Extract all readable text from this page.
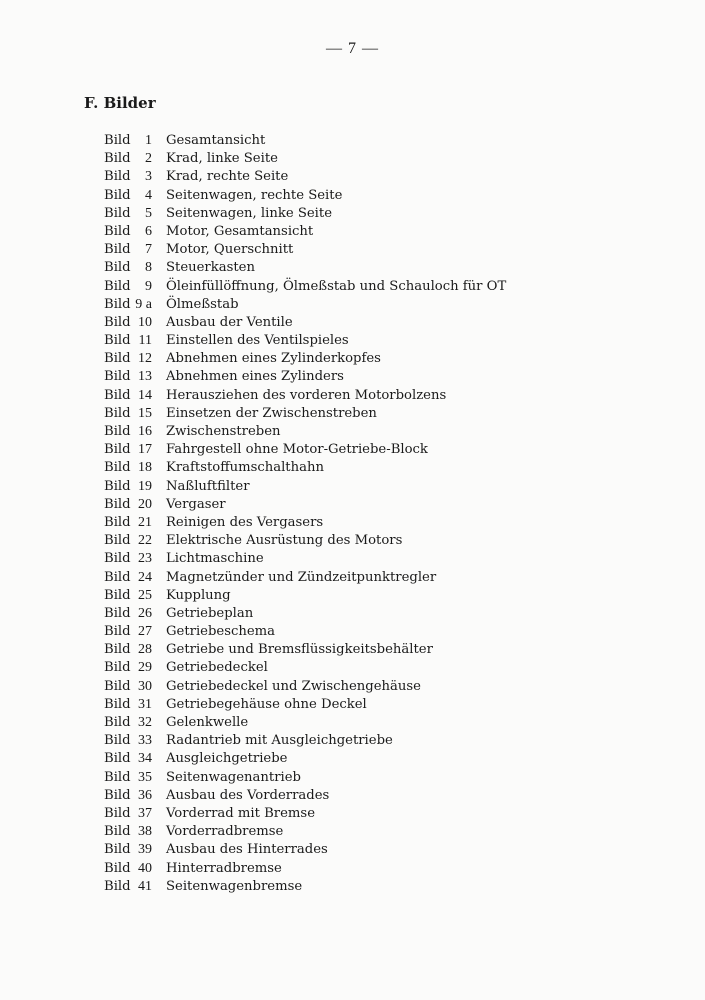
— 7 —
F. Bilder
Bild	1 Gesamtansicht
Bild	2 Krad, linke Seite
Bild	3 Krad, rechte Seite
Bild	4 Seitenwagen, rechte Seite
Bild	5 Seitenwagen, linke Seite
Bild	6 Motor, Gesamtansicht
Bild	7 Motor, Querschnitt
Bild	8 Steuerkasten
Bild	9 Öleinfüllöffnung, Ölmeßstab und Schauloch für OT
Bild 9 a Ölmeßstab
Bild 10 Ausbau der Ventile
Bild 11 Einstellen des Ventilspieles
Bild 12 Abnehmen eines Zylinderkopfes
Bild 13 Abnehmen eines Zylinders
Bild 14 Herausziehen des vorderen Motorbolzens
Bild 15 Einsetzen der Zwischenstreben
Bild 16 Zwischenstreben
Bild 17 Fahrgestell ohne Motor-Getriebe-Block
Bild 18 Kraftstoffumschalthahn
Bild 19 Naßluftfilter
Bild 20 Vergaser
Bild 21 Reinigen des Vergasers
Bild 22 Elektrische Ausrüstung des Motors
Bild 23 Lichtmaschine
Bild 24 Magnetzünder und Zündzeitpunktregler
Bild 25 Kupplung
Bild 26 Getriebeplan
Bild 27 Getriebeschema
Bild 28 Getriebe und Bremsflüssigkeitsbehälter
Bild 29 Getriebedeckel
Bild 30 Getriebedeckel und Zwischengehäuse
Bild 31 Getriebegehäuse ohne Deckel
Bild 32 Gelenkwelle
Bild 33 Radantrieb mit Ausgleichgetriebe
Bild 34 Ausgleichgetriebe
Bild 35 Seitenwagenantrieb
Bild 36 Ausbau des Vorderrades
Bild 37 Vorderrad mit Bremse
Bild 38 Vorderradbremse
Bild 39 Ausbau des Hinterrades
Bild 40 Hinterradbremse
Bild 41 Seitenwagenbremse
